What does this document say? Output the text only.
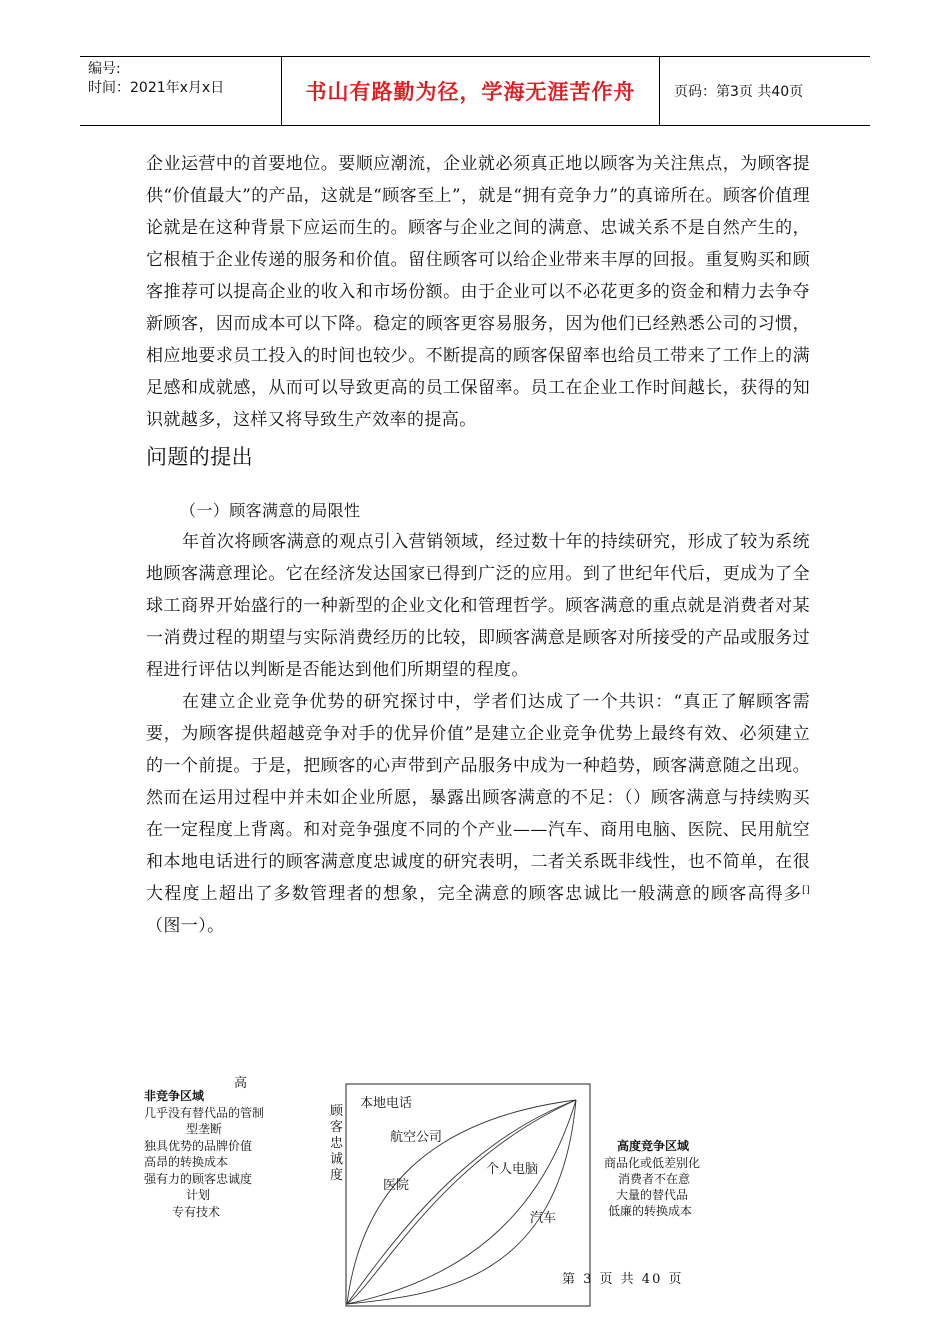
编号:
时间：2021年x月x日	书山有路勤为径，学海无涯苦作舟	页码：第3页 共40页

企业运营中的首要地位。要顺应潮流，企业就必须真正地以顾客为关注焦点，为顾客提供“价值最大”的产品，这就是“顾客至上”，就是“拥有竞争力”的真谛所在。顾客价值理论就是在这种背景下应运而生的。顾客与企业之间的满意、忠诚关系不是自然产生的，它根植于企业传递的服务和价值。留住顾客可以给企业带来丰厚的回报。重复购买和顾客推荐可以提高企业的收入和市场份额。由于企业可以不必花更多的资金和精力去争夺新顾客，因而成本可以下降。稳定的顾客更容易服务，因为他们已经熟悉公司的习惯，相应地要求员工投入的时间也较少。不断提高的顾客保留率也给员工带来了工作上的满足感和成就感，从而可以导致更高的员工保留率。员工在企业工作时间越长，获得的知识就越多，这样又将导致生产效率的提高。

问题的提出
（一）顾客满意的局限性

年首次将顾客满意的观点引入营销领域，经过数十年的持续研究，形成了较为系统地顾客满意理论。它在经济发达国家已得到广泛的应用。到了世纪年代后，更成为了全球工商界开始盛行的一种新型的企业文化和管理哲学。顾客满意的重点就是消费者对某一消费过程的期望与实际消费经历的比较，即顾客满意是顾客对所接受的产品或服务过程进行评估以判断是否能达到他们所期望的程度。

在建立企业竞争优势的研究探讨中，学者们达成了一个共识：“真正了解顾客需要，为顾客提供超越竞争对手的优异价值”是建立企业竞争优势上最终有效、必须建立的一个前提。于是，把顾客的心声带到产品服务中成为一种趋势，顾客满意随之出现。然而在运用过程中并未如企业所愿，暴露出顾客满意的不足：（）顾客满意与持续购买在一定程度上背离。和对竞争强度不同的个产业——汽车、商用电脑、医院、民用航空和本地电话进行的顾客满意度忠诚度的研究表明，二者关系既非线性，也不简单，在很大程度上超出了多数管理者的想象，完全满意的顾客忠诚比一般满意的顾客高得多[]（图一）。

高
非竞争区域
几乎没有替代品的管制
型垄断
独具优势的品牌价值
高昂的转换成本
强有力的顾客忠诚度
计划
专有技术
顾客忠诚度
本地电话
航空公司
个人电脑
医院
汽车
高度竞争区域
商品化或低差别化
消费者不在意
大量的替代品
低廉的转换成本
第 3 页 共 40 页
